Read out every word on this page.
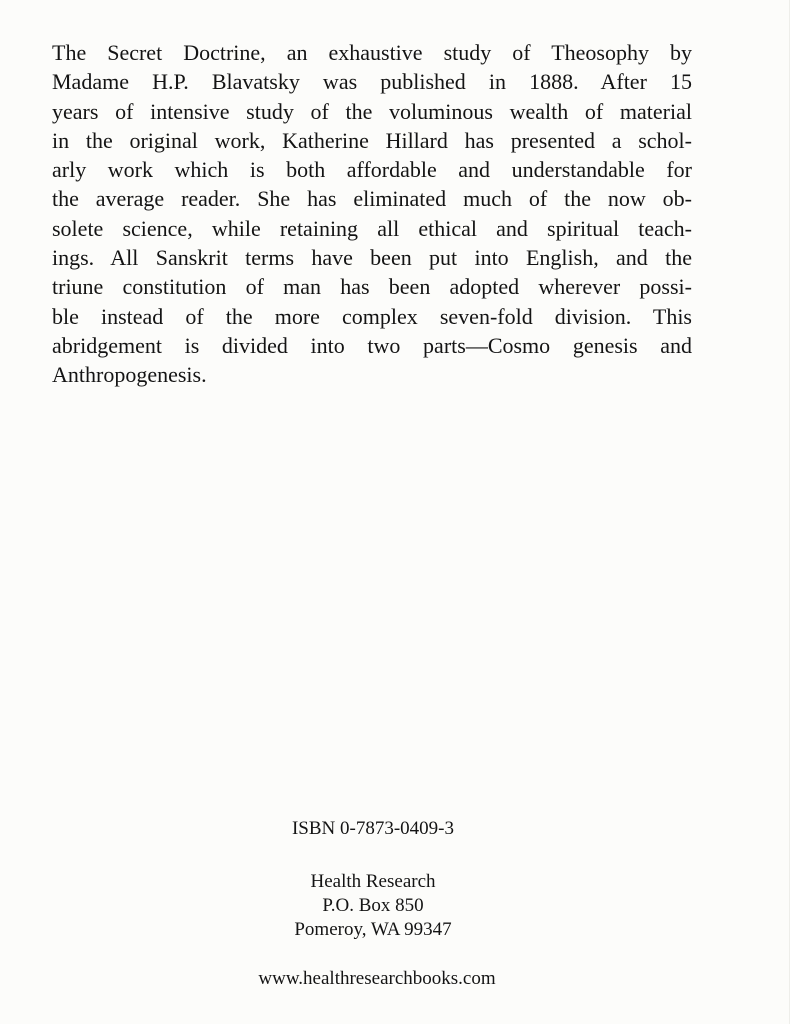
The Secret Doctrine, an exhaustive study of Theosophy by
Madame H.P. Blavatsky was published in 1888. After 15
years of intensive study of the voluminous wealth of material
in the original work, Katherine Hillard has presented a schol-
arly work which is both affordable and understandable for
the average reader. She has eliminated much of the now ob-
solete science, while retaining all ethical and spiritual teach-
ings. All Sanskrit terms have been put into English, and the
triune constitution of man has been adopted wherever possi-
ble instead of the more complex seven-fold division. This
abridgement is divided into two parts—Cosmo genesis and
Anthropogenesis.

ISBN 0-7873-0409-3
Health Research
P.O. Box 850
Pomeroy, WA 99347
www.healthresearchbooks.com
